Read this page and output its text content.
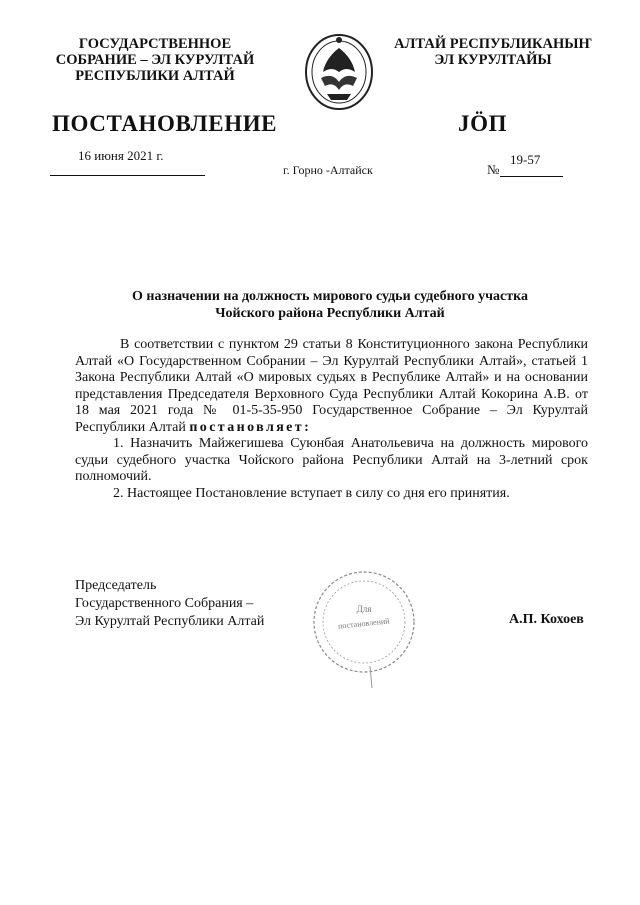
ГОСУДАРСТВЕННОЕ
СОБРАНИЕ – ЭЛ КУРУЛТАЙ
РЕСПУБЛИКИ АЛТАЙ
АЛТАЙ РЕСПУБЛИКАНЫҤ
ЭЛ КУРУЛТАЙЫ
ПОСТАНОВЛЕНИЕ	JӦП
16 июня 2021 г.
г. Горно -Алтайск	№
19-57
О назначении на должность мирового судьи судебного участка
Чойского района Республики Алтай

В соответствии с пунктом 29 статьи 8 Конституционного закона Республики Алтай «О Государственном Собрании – Эл Курултай Республики Алтай», статьей 1 Закона Республики Алтай «О мировых судьях в Республике Алтай» и на основании представления Председателя Верховного Суда Республики Алтай Кокорина А.В. от 18 мая 2021 года № 01-5-35-950 Государственное Собрание – Эл Курултай Республики Алтай постановляет:

1. Назначить Майжегишева Суюнбая Анатольевича на должность мирового судьи судебного участка Чойского района Республики Алтай на 3-летний срок полномочий.

2. Настоящее Постановление вступает в силу со дня его принятия.

Председатель
Государственного Собрания –
Эл Курултай Республики Алтай
Для
постановлений	А.П. Кохоев
